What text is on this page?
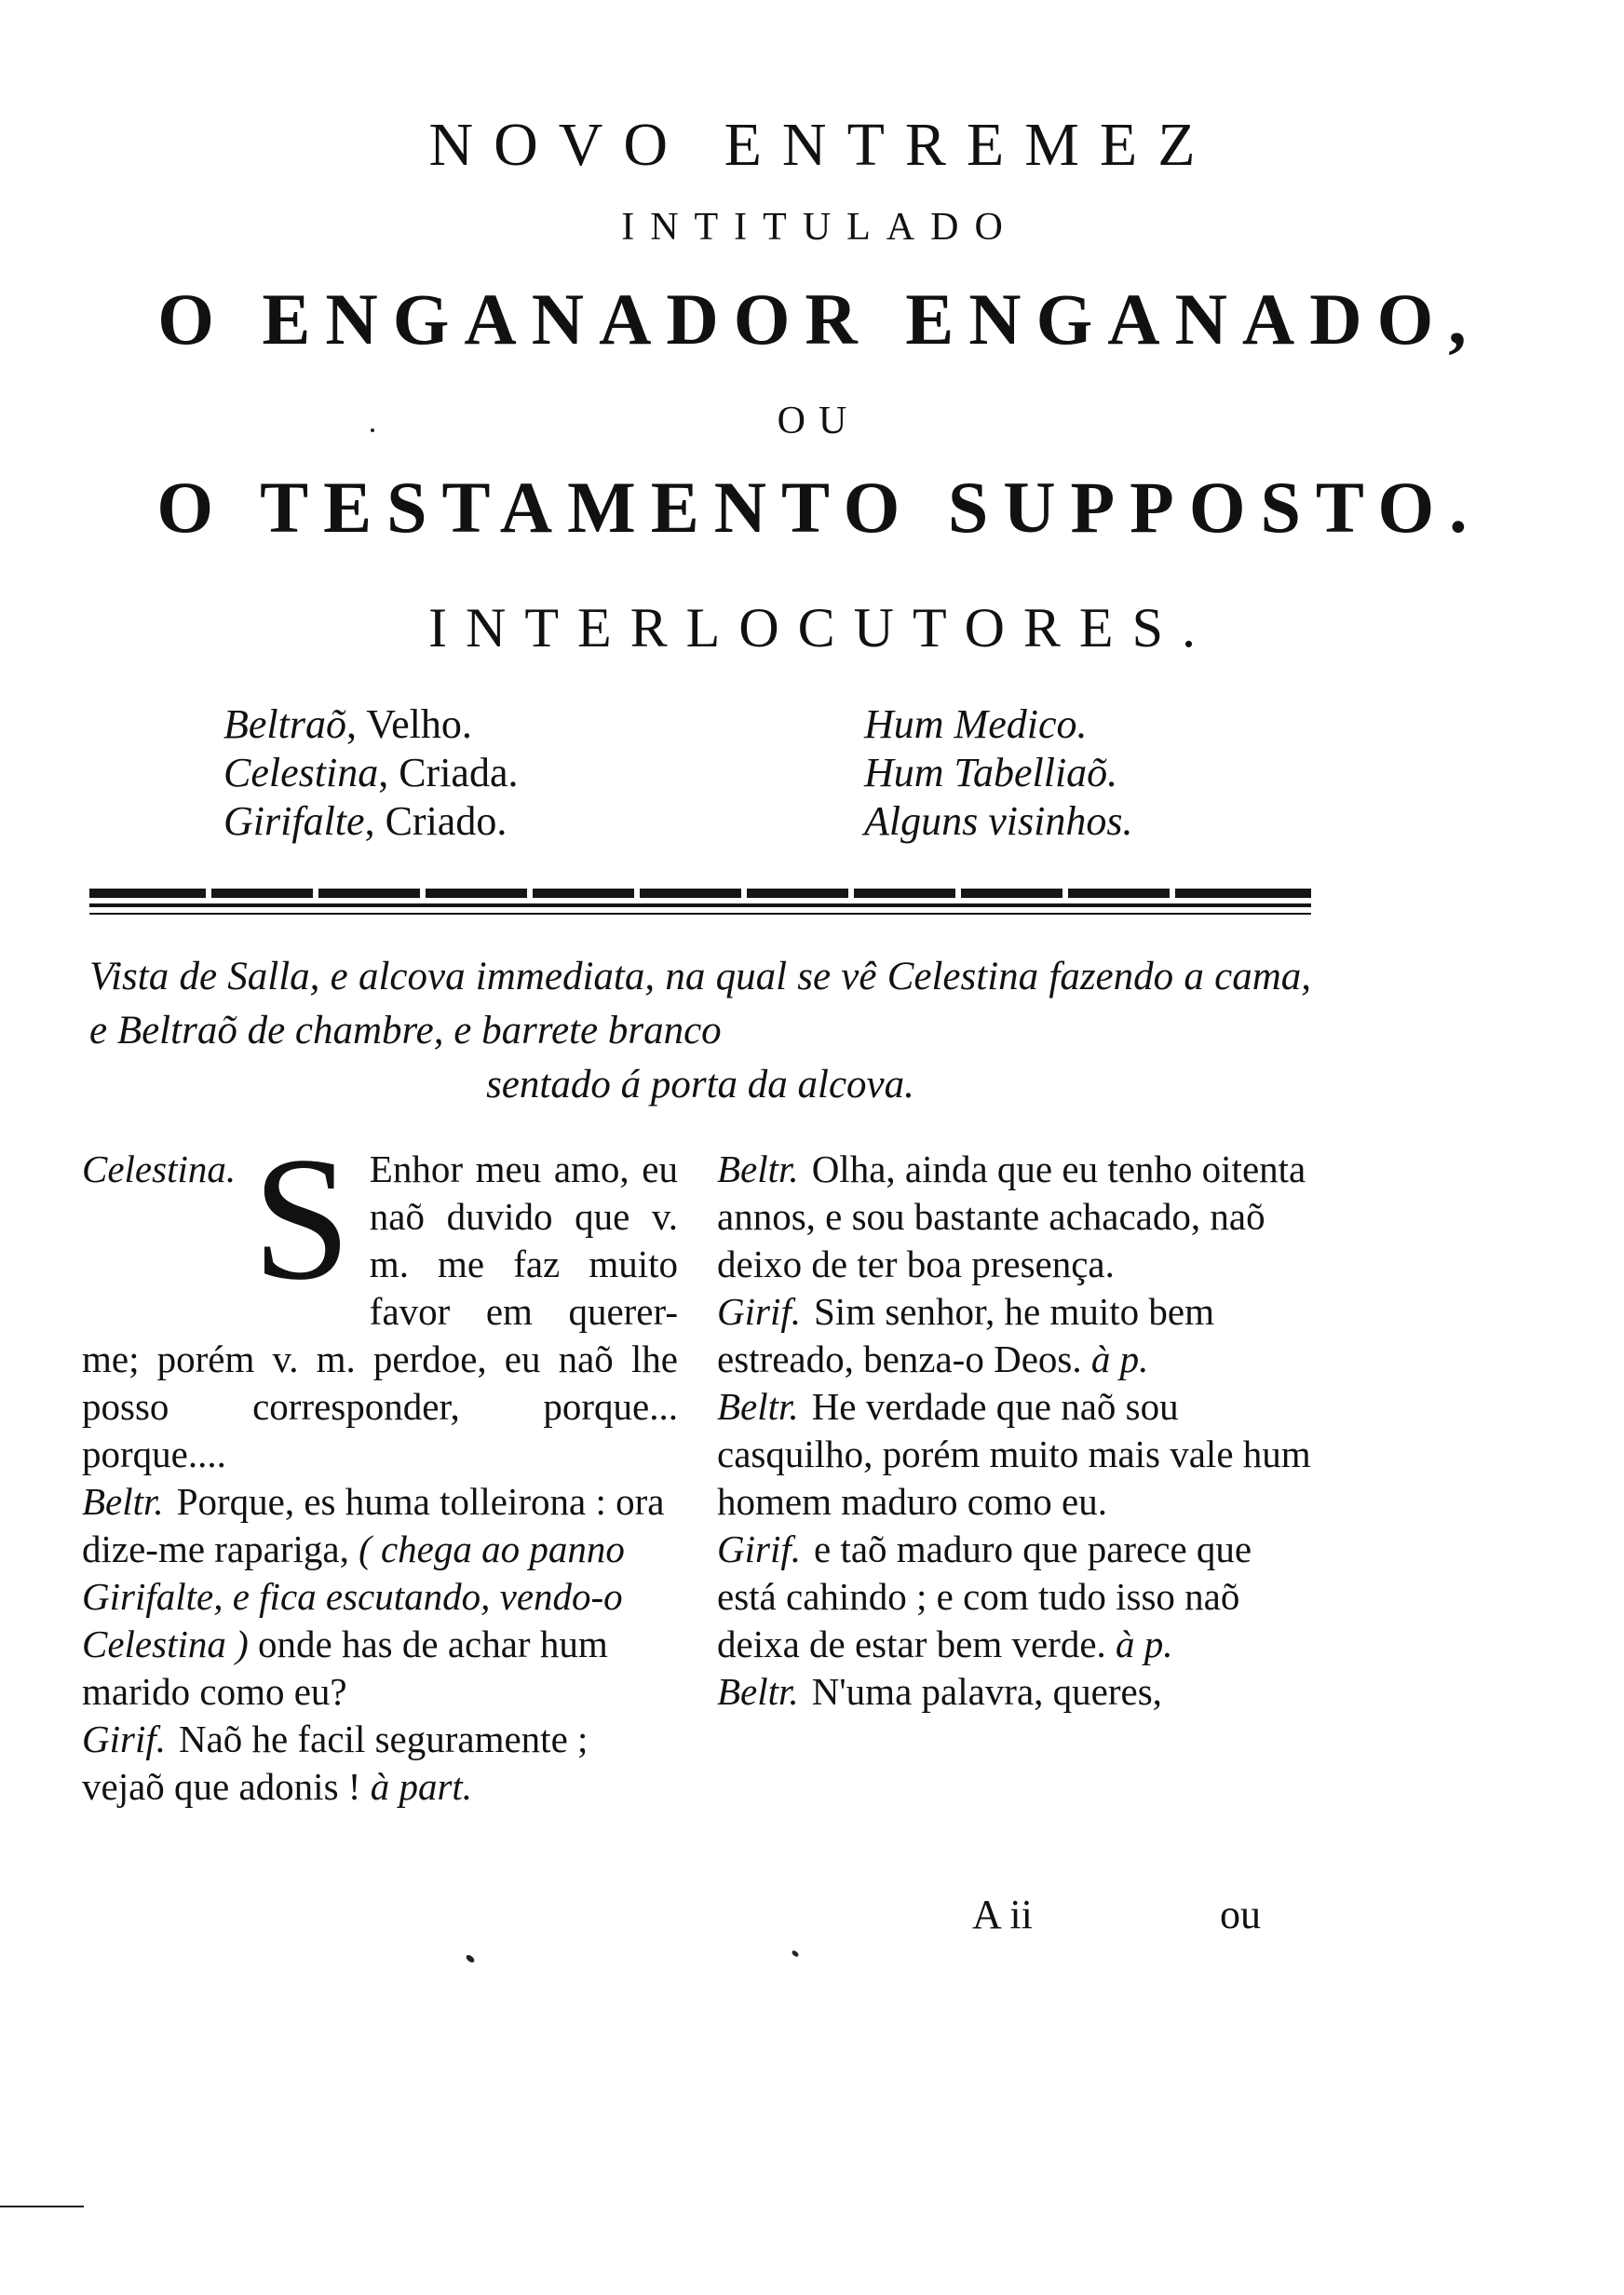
NOVO ENTREMEZ
INTITULADO
O ENGANADOR ENGANADO,
OU
O TESTAMENTO SUPPOSTO.
INTERLOCUTORES.
Beltraõ, Velho.
Celestina, Criada.
Girifalte, Criado.
Hum Medico.
Hum Tabelliaõ.
Alguns visinhos.
Vista de Salla, e alcova immediata, na qual se vê Celestina fazendo a cama, e Beltraõ de chambre, e barrete branco
sentado á porta da alcova.
Celestina. S Enhor meu amo, eu naõ duvido que v. m. me faz muito favor em querer-me; porém v. m. perdoe, eu naõ lhe posso corresponder, porque... porque....
Beltr. Porque, es huma tolleirona : ora dize-me rapariga, ( chega ao panno Girifalte, e fica escutando, vendo-o Celestina ) onde has de achar hum marido como eu?
Girif. Naõ he facil seguramente ; vejaõ que adonis ! à part.
Beltr. Olha, ainda que eu tenho oitenta annos, e sou bastante achacado, naõ deixo de ter boa presença.
Girif. Sim senhor, he muito bem estreado, benza-o Deos. à p.
Beltr. He verdade que naõ sou casquilho, porém muito mais vale hum homem maduro como eu.
Girif. e taõ maduro que parece que está cahindo ; e com tudo isso naõ deixa de estar bem verde. à p.
Beltr. N'uma palavra, queres,
A ii	ou
